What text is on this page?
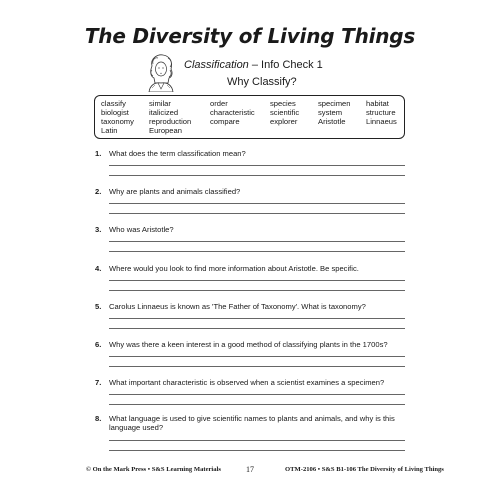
The Diversity of Living Things
Classification – Info Check 1
Why Classify?
classify
biologist
taxonomy
Latin
similar
italicized
reproduction
European
order
characteristic
compare
species
scientific
explorer
specimen
system
Aristotle
habitat
structure
Linnaeus
1. What does the term classification mean?
2. Why are plants and animals classified?
3. Who was Aristotle?
4. Where would you look to find more information about Aristotle. Be specific.
5. Carolus Linnaeus is known as 'The Father of Taxonomy'. What is taxonomy?
6. Why was there a keen interest in a good method of classifying plants in the 1700s?
7. What important characteristic is observed when a scientist examines a specimen?
8. What language is used to give scientific names to plants and animals, and why is this language used?
© On the Mark Press • S&S Learning Materials	17	OTM-2106 • S&S B1-106 The Diversity of Living Things
